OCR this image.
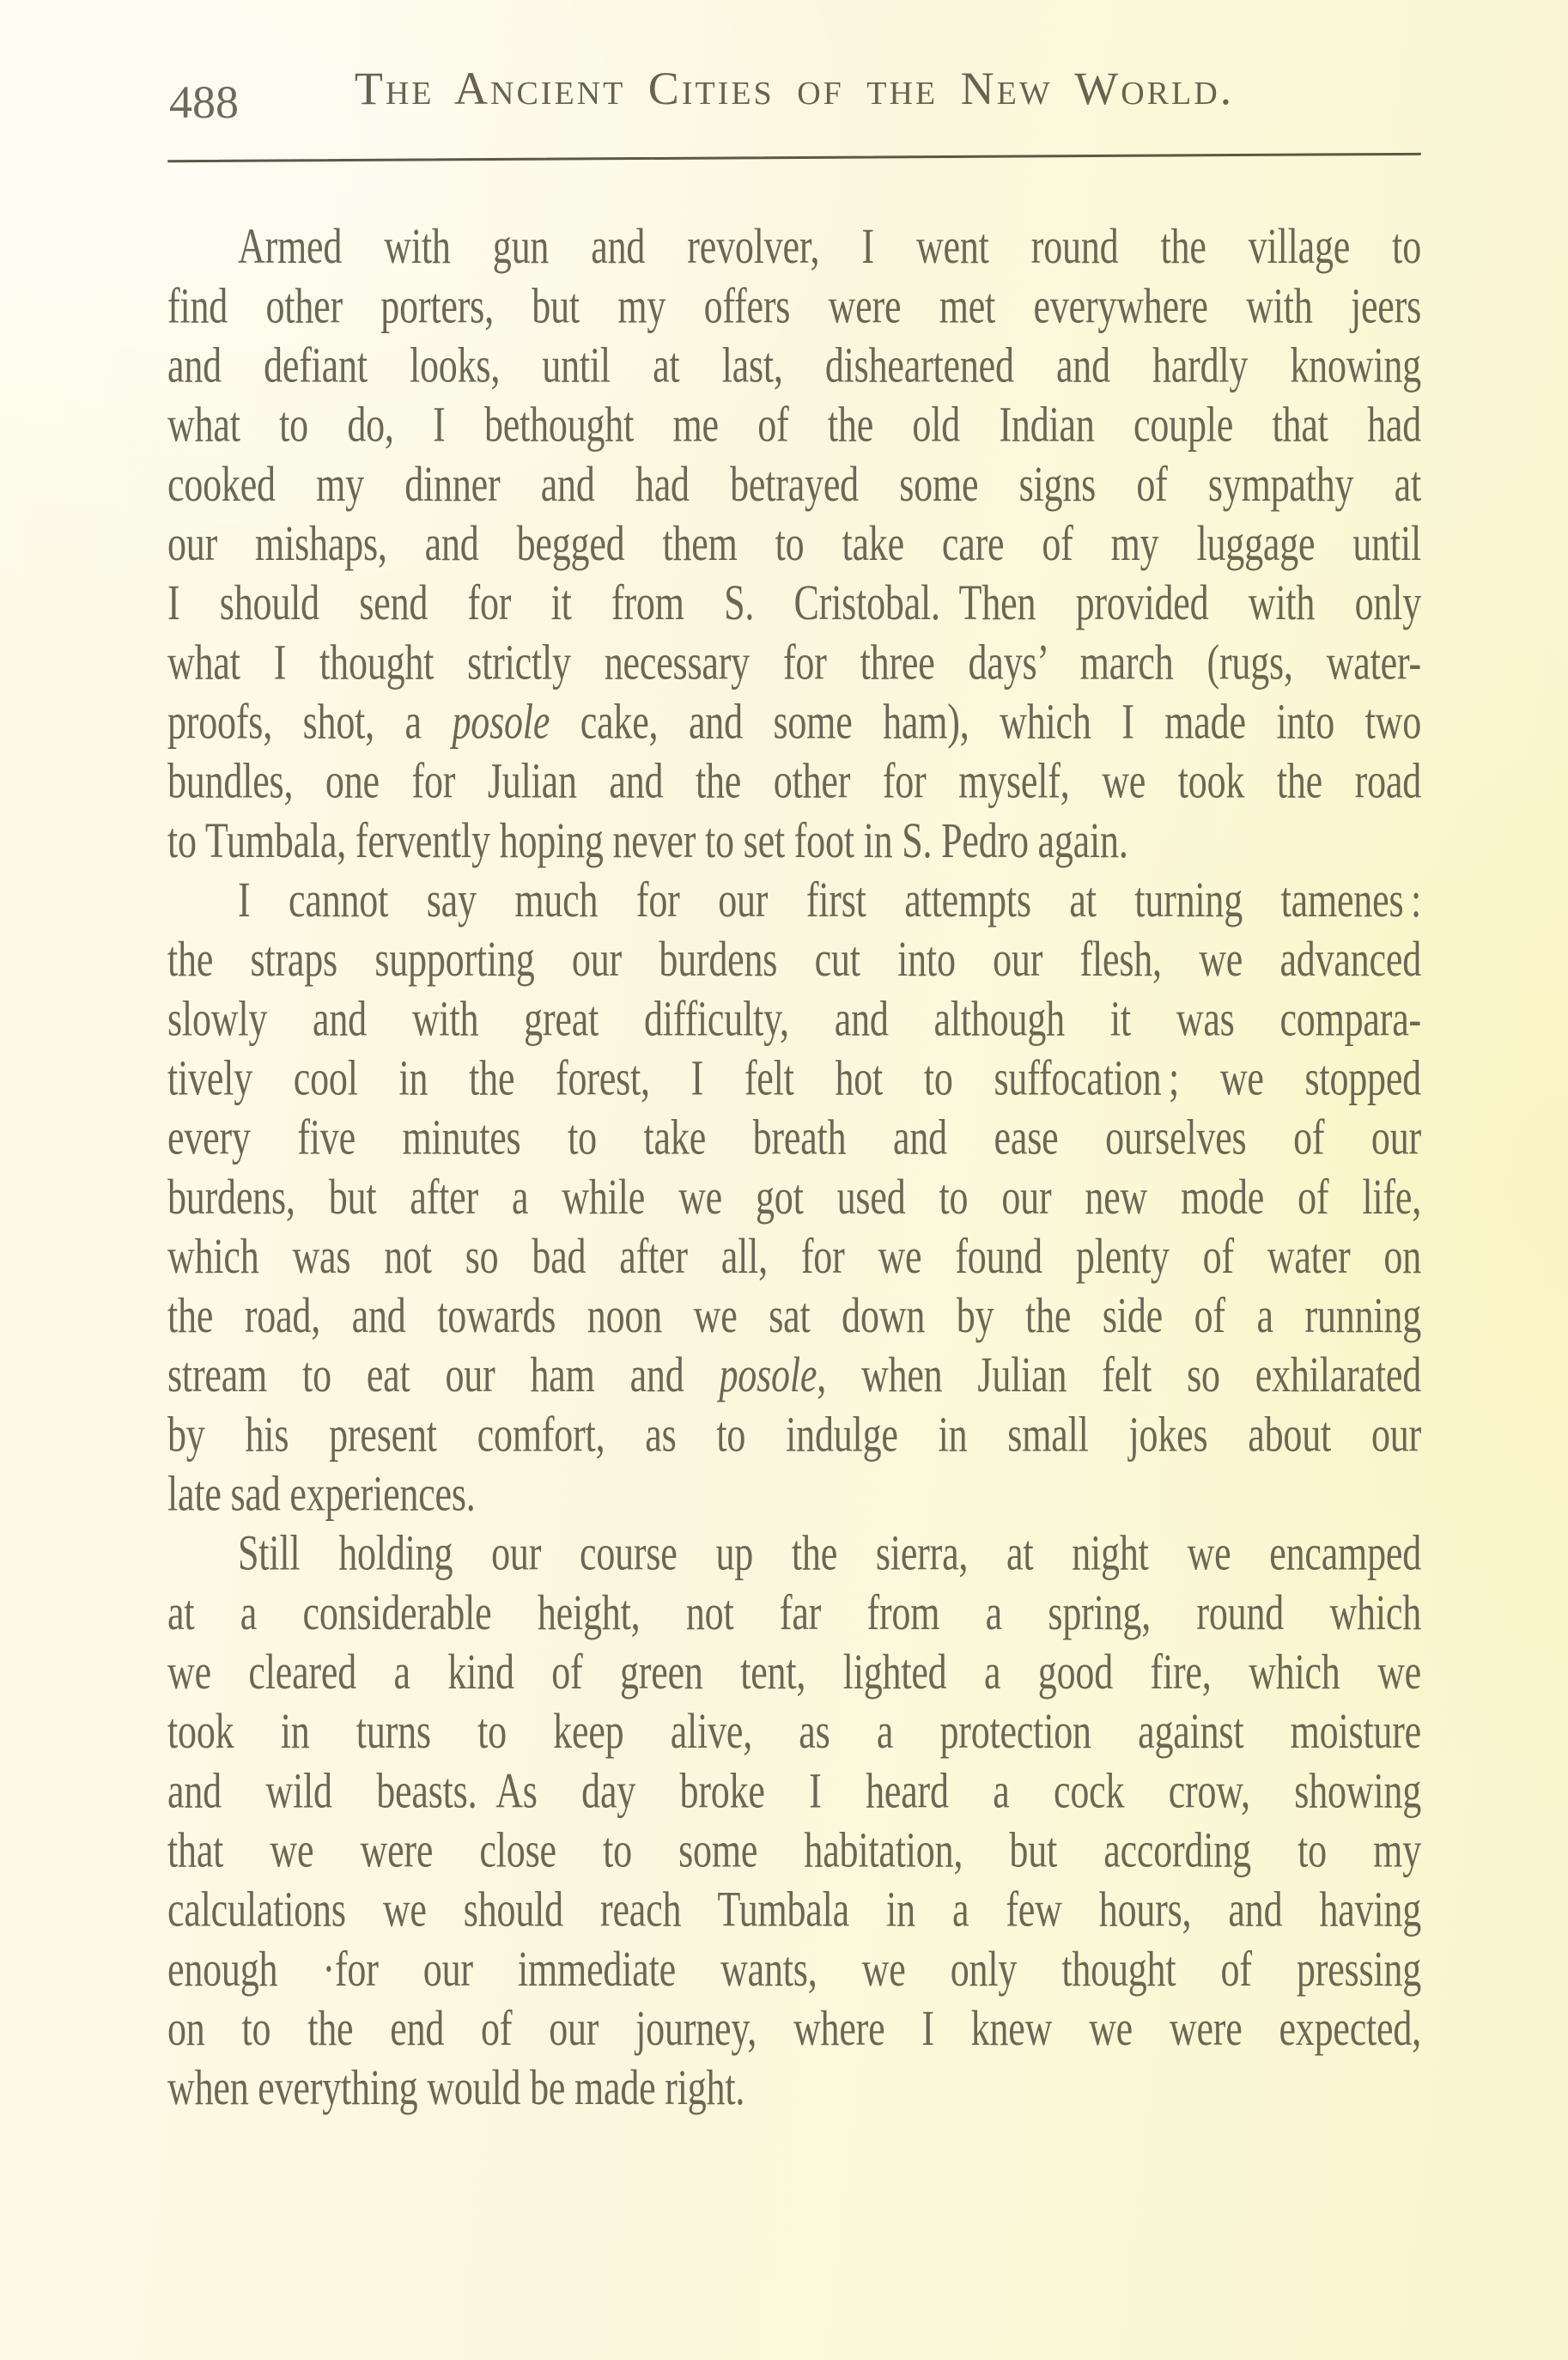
488	The Ancient Cities of the New World.
Armed with gun and revolver, I went round the village to
find other porters, but my offers were met everywhere with jeers
and defiant looks, until at last, disheartened and hardly knowing
what to do, I bethought me of the old Indian couple that had
cooked my dinner and had betrayed some signs of sympathy at
our mishaps, and begged them to take care of my luggage until
I should send for it from S. Cristobal. Then provided with only
what I thought strictly necessary for three days’ march (rugs, water-
proofs, shot, a posole cake, and some ham), which I made into two
bundles, one for Julian and the other for myself, we took the road
to Tumbala, fervently hoping never to set foot in S. Pedro again.
I cannot say much for our first attempts at turning tamenes :
the straps supporting our burdens cut into our flesh, we advanced
slowly and with great difficulty, and although it was compara-
tively cool in the forest, I felt hot to suffocation ; we stopped
every five minutes to take breath and ease ourselves of our
burdens, but after a while we got used to our new mode of life,
which was not so bad after all, for we found plenty of water on
the road, and towards noon we sat down by the side of a running
stream to eat our ham and posole, when Julian felt so exhilarated
by his present comfort, as to indulge in small jokes about our
late sad experiences.
Still holding our course up the sierra, at night we encamped
at a considerable height, not far from a spring, round which
we cleared a kind of green tent, lighted a good fire, which we
took in turns to keep alive, as a protection against moisture
and wild beasts. As day broke I heard a cock crow, showing
that we were close to some habitation, but according to my
calculations we should reach Tumbala in a few hours, and having
enough ·for our immediate wants, we only thought of pressing
on to the end of our journey, where I knew we were expected,
when everything would be made right.
